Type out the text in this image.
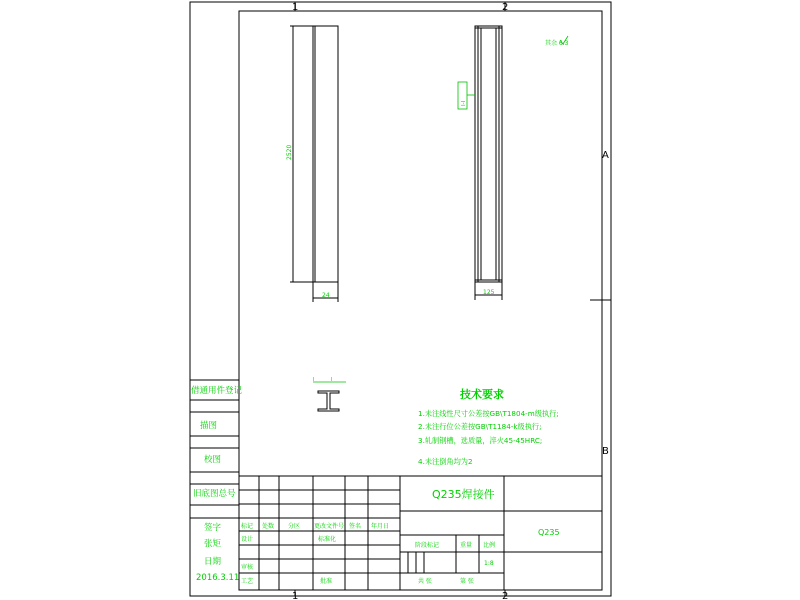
1	2
1	2
A
B
2520
24
Ⅰ-Ⅰ
125
其余 6.3
Ⅰ	Ⅰ
技术要求
1.未注线性尺寸公差按GB\T1804-m级执行;
2.未注行位公差按GB\T1184-k级执行;
3.轧制钢槽，选质量，淬火45-45HRC;
4.未注倒角均为2
借通用件登记
描图
校图
旧底图总号
签字
张矩
日期
2016.3.11
标记 处数 分区 更改文件号 签名 年月日
设计
审核
工艺
标准化
批准
Q235焊接件
Q235
阶段标记	重量 比例
1:8
共 张	第 张
